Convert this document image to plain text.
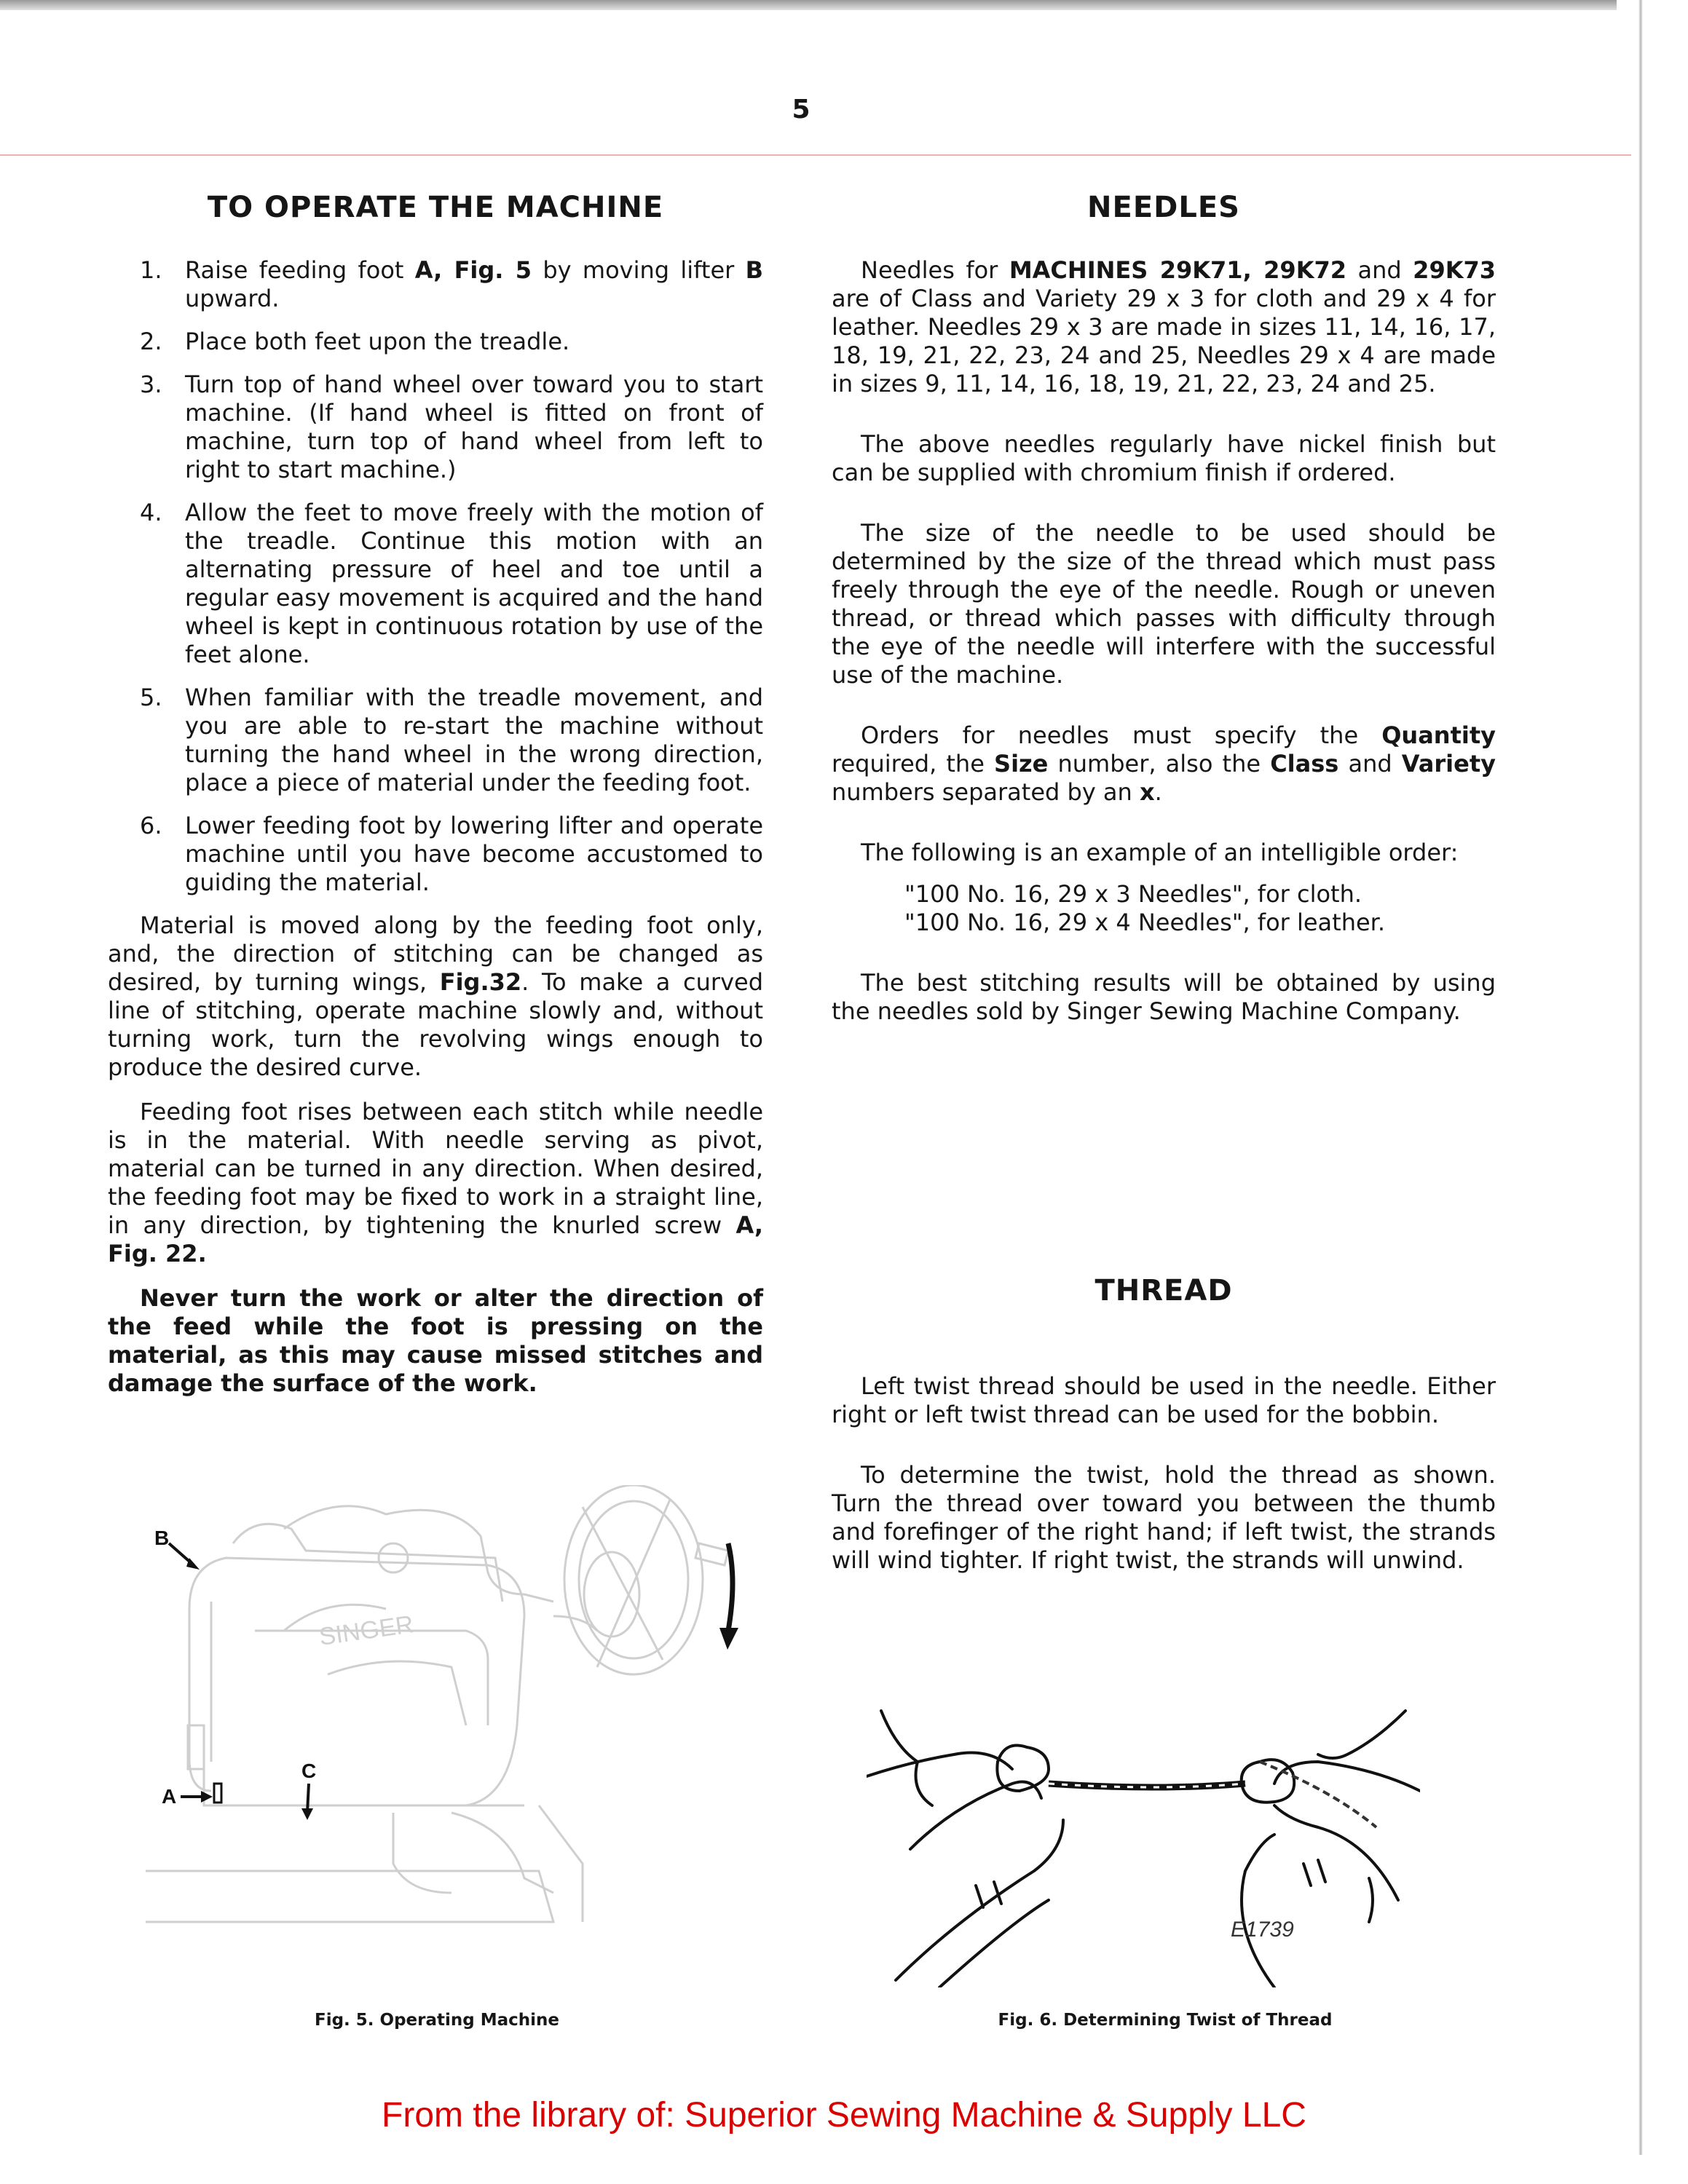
5
TO OPERATE THE MACHINE
1. Raise feeding foot A, Fig. 5 by moving lifter B upward.
2. Place both feet upon the treadle.
3. Turn top of hand wheel over toward you to start machine. (If hand wheel is fitted on front of machine, turn top of hand wheel from left to right to start machine.)
4. Allow the feet to move freely with the motion of the treadle. Continue this motion with an alternating pressure of heel and toe until a regular easy movement is acquired and the hand wheel is kept in continuous rotation by use of the feet alone.
5. When familiar with the treadle movement, and you are able to re-start the machine without turning the hand wheel in the wrong direction, place a piece of material under the feeding foot.
6. Lower feeding foot by lowering lifter and operate machine until you have become accustomed to guiding the material.

Material is moved along by the feeding foot only, and, the direction of stitching can be changed as desired, by turning wings, Fig.32. To make a curved line of stitching, operate machine slowly and, without turning work, turn the revolving wings enough to produce the desired curve.

Feeding foot rises between each stitch while needle is in the material. With needle serving as pivot, material can be turned in any direction. When desired, the feeding foot may be fixed to work in a straight line, in any direction, by tightening the knurled screw A, Fig. 22.

Never turn the work or alter the direction of the feed while the foot is pressing on the material, as this may cause missed stitches and damage the surface of the work.

SINGER
B
A
C
Fig. 5. Operating Machine
NEEDLES

Needles for MACHINES 29K71, 29K72 and 29K73 are of Class and Variety 29 x 3 for cloth and 29 x 4 for leather. Needles 29 x 3 are made in sizes 11, 14, 16, 17, 18, 19, 21, 22, 23, 24 and 25, Needles 29 x 4 are made in sizes 9, 11, 14, 16, 18, 19, 21, 22, 23, 24 and 25.

The above needles regularly have nickel finish but can be supplied with chromium finish if ordered.

The size of the needle to be used should be determined by the size of the thread which must pass freely through the eye of the needle. Rough or uneven thread, or thread which passes with difficulty through the eye of the needle will interfere with the successful use of the machine.

Orders for needles must specify the Quantity required, the Size number, also the Class and Variety numbers separated by an x.

The following is an example of an intelligible order:

"100 No. 16, 29 x 3 Needles", for cloth.

"100 No. 16, 29 x 4 Needles", for leather.

The best stitching results will be obtained by using the needles sold by Singer Sewing Machine Company.

THREAD

Left twist thread should be used in the needle. Either right or left twist thread can be used for the bobbin.

To determine the twist, hold the thread as shown. Turn the thread over toward you between the thumb and forefinger of the right hand; if left twist, the strands will wind tighter. If right twist, the strands will unwind.

E1739
Fig. 6. Determining Twist of Thread
From the library of: Superior Sewing Machine & Supply LLC
